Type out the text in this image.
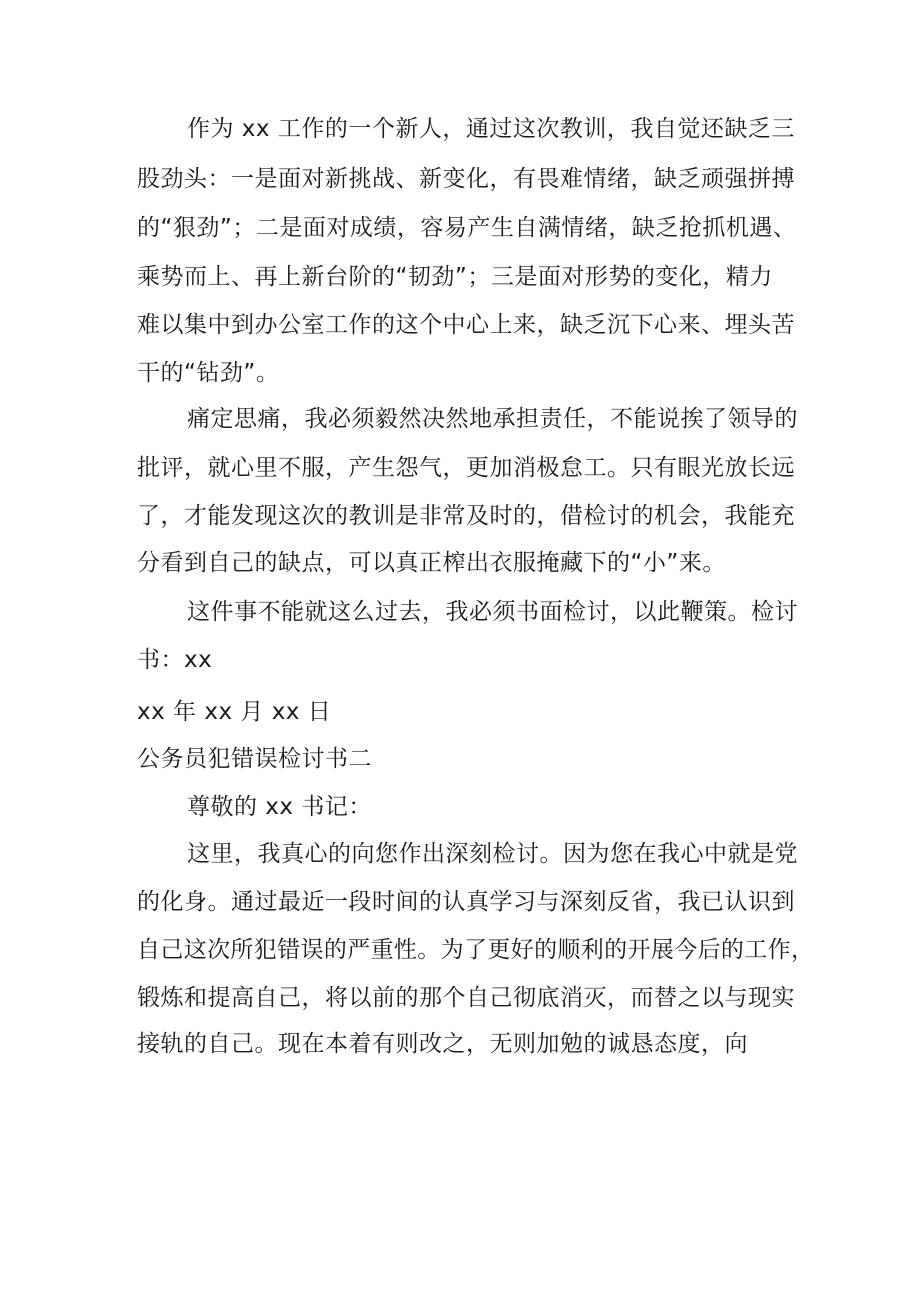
作为 xx 工作的一个新人，通过这次教训，我自觉还缺乏三
股劲头：一是面对新挑战、新变化，有畏难情绪，缺乏顽强拼搏
的“狠劲”；二是面对成绩，容易产生自满情绪，缺乏抢抓机遇、
乘势而上、再上新台阶的“韧劲”；三是面对形势的变化，精力
难以集中到办公室工作的这个中心上来，缺乏沉下心来、埋头苦
干的“钻劲”。
痛定思痛，我必须毅然决然地承担责任，不能说挨了领导的
批评，就心里不服，产生怨气，更加消极怠工。只有眼光放长远
了，才能发现这次的教训是非常及时的，借检讨的机会，我能充
分看到自己的缺点，可以真正榨出衣服掩藏下的“小”来。
这件事不能就这么过去，我必须书面检讨，以此鞭策。检讨
书：xx
xx 年 xx 月 xx 日
公务员犯错误检讨书二
尊敬的 xx 书记：
这里，我真心的向您作出深刻检讨。因为您在我心中就是党
的化身。通过最近一段时间的认真学习与深刻反省，我已认识到
自己这次所犯错误的严重性。为了更好的顺利的开展今后的工作，
锻炼和提高自己，将以前的那个自己彻底消灭，而替之以与现实
接轨的自己。现在本着有则改之，无则加勉的诚恳态度，向
